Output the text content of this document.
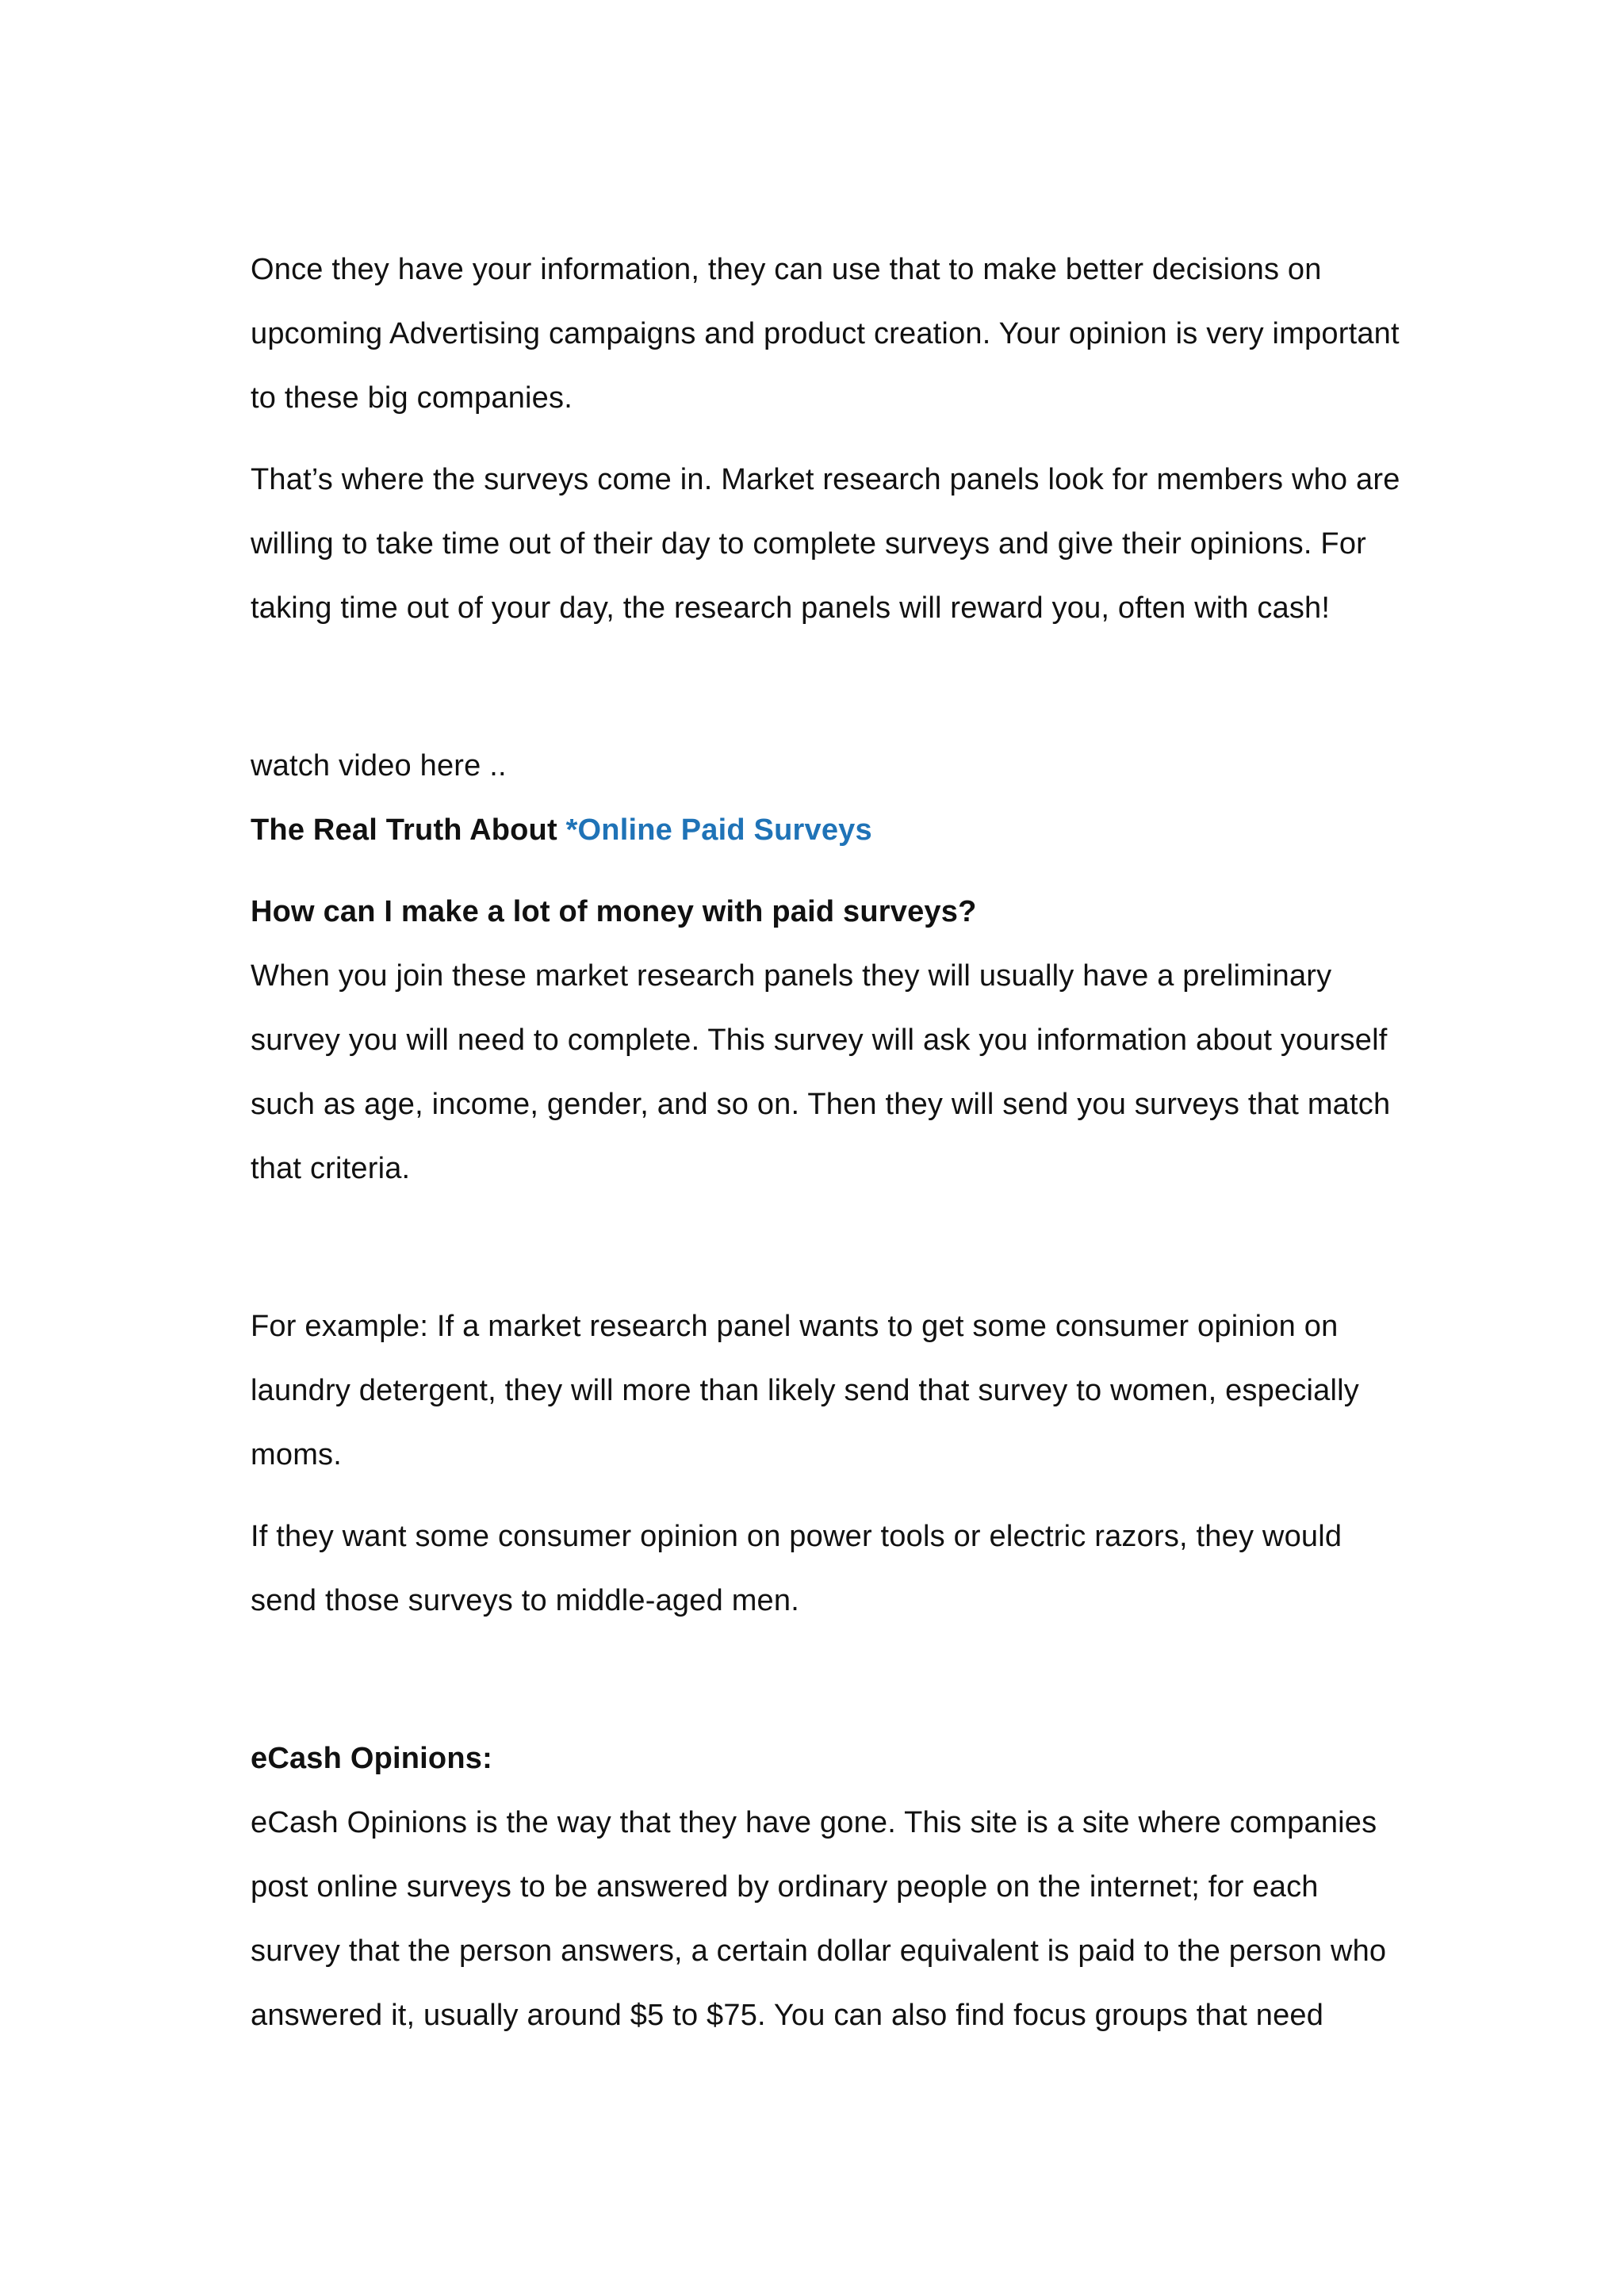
Once they have your information, they can use that to make better decisions on upcoming Advertising campaigns and product creation. Your opinion is very important to these big companies.

That’s where the surveys come in. Market research panels look for members who are willing to take time out of their day to complete surveys and give their opinions. For taking time out of your day, the research panels will reward you, often with cash!

watch video here ..

The Real Truth About *Online Paid Surveys

How can I make a lot of money with paid surveys?

When you join these market research panels they will usually have a preliminary survey you will need to complete. This survey will ask you information about yourself such as age, income, gender, and so on. Then they will send you surveys that match that criteria.

For example: If a market research panel wants to get some consumer opinion on laundry detergent, they will more than likely send that survey to women, especially moms.

If they want some consumer opinion on power tools or electric razors, they would send those surveys to middle-aged men.

eCash Opinions:

eCash Opinions is the way that they have gone. This site is a site where companies post online surveys to be answered by ordinary people on the internet; for each survey that the person answers, a certain dollar equivalent is paid to the person who answered it, usually around $5 to $75. You can also find focus groups that need
